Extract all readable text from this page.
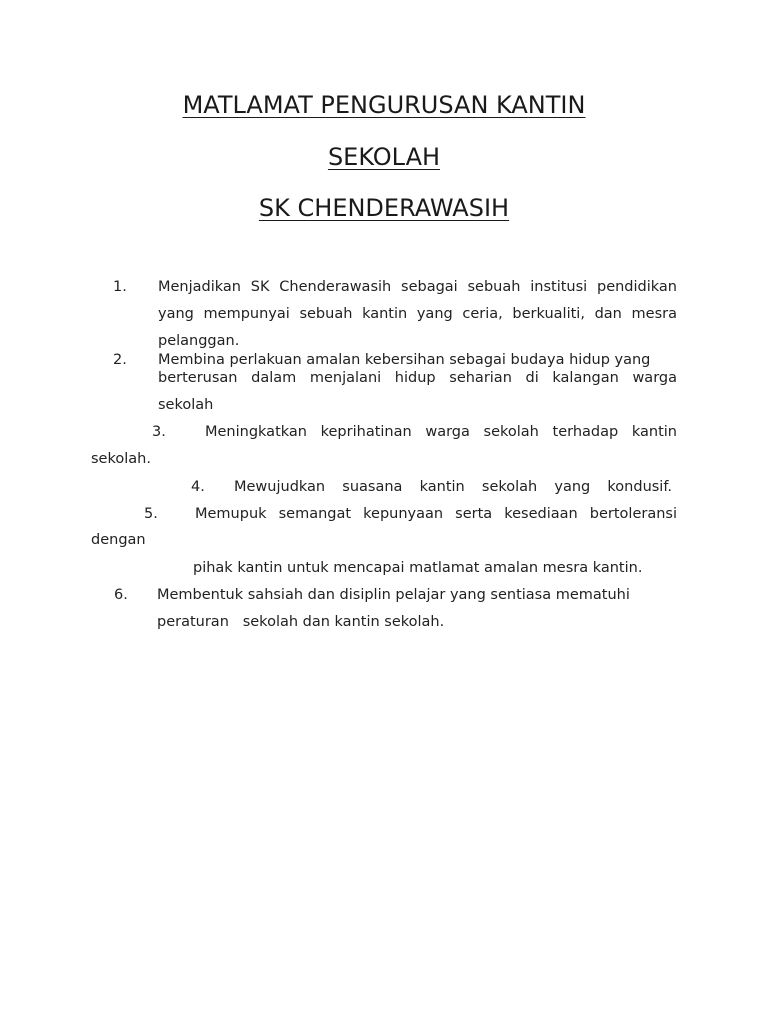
MATLAMAT PENGURUSAN KANTIN
SEKOLAH
SK CHENDERAWASIH
1. Menjadikan SK Chenderawasih sebagai sebuah institusi pendidikan
yang mempunyai sebuah kantin yang ceria, berkualiti, dan mesra
pelanggan.
2. Membina perlakuan amalan kebersihan sebagai budaya hidup yang
berterusan dalam menjalani hidup seharian di kalangan warga
sekolah
3.	Meningkatkan keprihatinan warga sekolah terhadap kantin
sekolah.
4. Mewujudkan suasana kantin sekolah yang kondusif.
5.	Memupuk semangat kepunyaan serta kesediaan bertoleransi
dengan
pihak kantin untuk mencapai matlamat amalan mesra kantin.
6. Membentuk sahsiah dan disiplin pelajar yang sentiasa mematuhi
peraturan   sekolah dan kantin sekolah.
